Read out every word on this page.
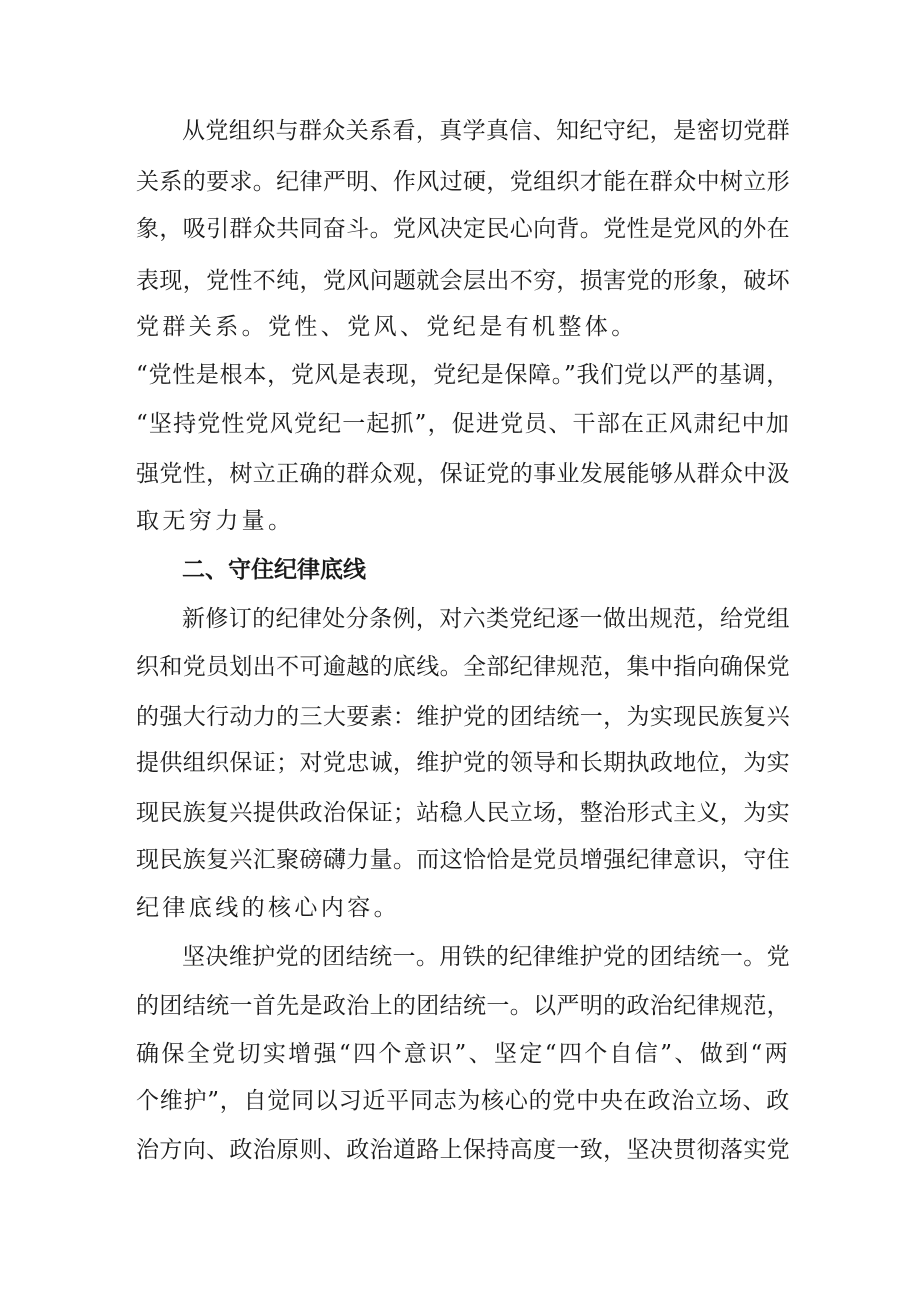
从党组织与群众关系看，真学真信、知纪守纪，是密切党群
关系的要求。纪律严明、作风过硬，党组织才能在群众中树立形
象，吸引群众共同奋斗。党风决定民心向背。党性是党风的外在
表现，党性不纯，党风问题就会层出不穷，损害党的形象，破坏
党群关系。党性、党风、党纪是有机整体。
“党性是根本，党风是表现，党纪是保障。”我们党以严的基调，
“坚持党性党风党纪一起抓”，促进党员、干部在正风肃纪中加
强党性，树立正确的群众观，保证党的事业发展能够从群众中汲
取无穷力量。
二、守住纪律底线
新修订的纪律处分条例，对六类党纪逐一做出规范，给党组
织和党员划出不可逾越的底线。全部纪律规范，集中指向确保党
的强大行动力的三大要素：维护党的团结统一，为实现民族复兴
提供组织保证；对党忠诚，维护党的领导和长期执政地位，为实
现民族复兴提供政治保证；站稳人民立场，整治形式主义，为实
现民族复兴汇聚磅礴力量。而这恰恰是党员增强纪律意识，守住
纪律底线的核心内容。
坚决维护党的团结统一。用铁的纪律维护党的团结统一。党
的团结统一首先是政治上的团结统一。以严明的政治纪律规范，
确保全党切实增强“四个意识”、坚定“四个自信”、做到“两
个维护”，自觉同以习近平同志为核心的党中央在政治立场、政
治方向、政治原则、政治道路上保持高度一致，坚决贯彻落实党
